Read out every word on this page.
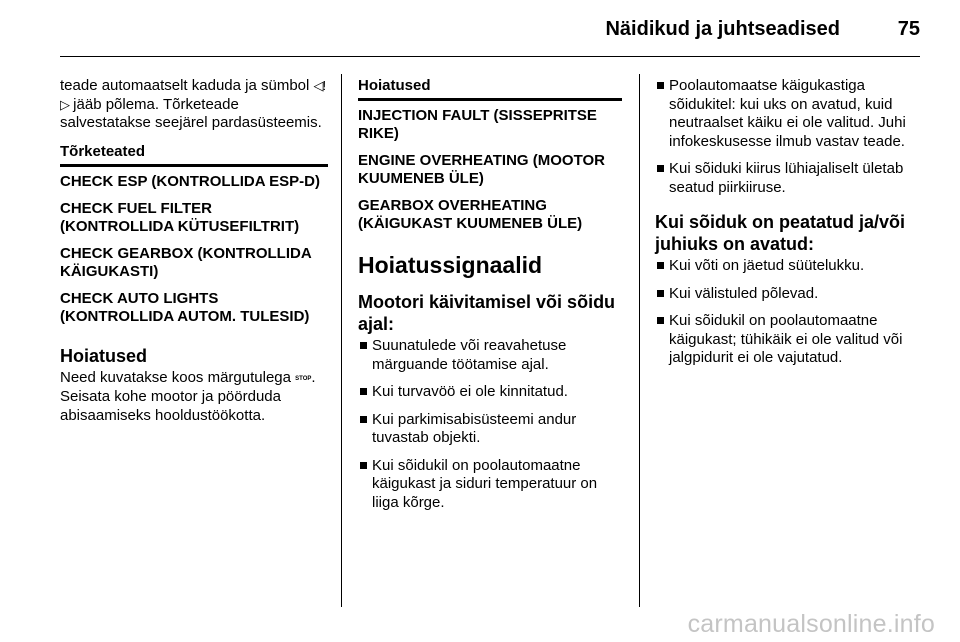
Näidikud ja juhtseadised	75

teade automaatselt kaduda ja sümbol ◁!▷ jääb põlema. Tõrketeade salvestatakse seejärel pardasüsteemis.

Tõrketeated
CHECK ESP (KONTROLLIDA ESP-D)
CHECK FUEL FILTER (KONTROLLIDA KÜTUSEFILTRIT)
CHECK GEARBOX (KONTROLLIDA KÄIGUKASTI)
CHECK AUTO LIGHTS (KONTROLLIDA AUTOM. TULESID)
Hoiatused

Need kuvatakse koos märgutulega STOP. Seisata kohe mootor ja pöörduda abisaamiseks hooldustöökotta.

Hoiatused
INJECTION FAULT (SISSEPRITSE RIKE)
ENGINE OVERHEATING (MOOTOR KUUMENEB ÜLE)
GEARBOX OVERHEATING (KÄIGUKAST KUUMENEB ÜLE)
Hoiatussignaalid
Mootori käivitamisel või sõidu ajal:
Suunatulede või reavahetuse märguande töötamise ajal.
Kui turvavöö ei ole kinnitatud.
Kui parkimisabisüsteemi andur tuvastab objekti.
Kui sõidukil on poolautomaatne käigukast ja siduri temperatuur on liiga kõrge.
Poolautomaatse käigukastiga sõidukitel: kui uks on avatud, kuid neutraalset käiku ei ole valitud. Juhi infokeskusesse ilmub vastav teade.
Kui sõiduki kiirus lühiajaliselt ületab seatud piirkiiruse.
Kui sõiduk on peatatud ja/või juhiuks on avatud:
Kui võti on jäetud süütelukku.
Kui välistuled põlevad.
Kui sõidukil on poolautomaatne käigukast; tühikäik ei ole valitud või jalgpidurit ei ole vajutatud.
carmanualsonline.info
